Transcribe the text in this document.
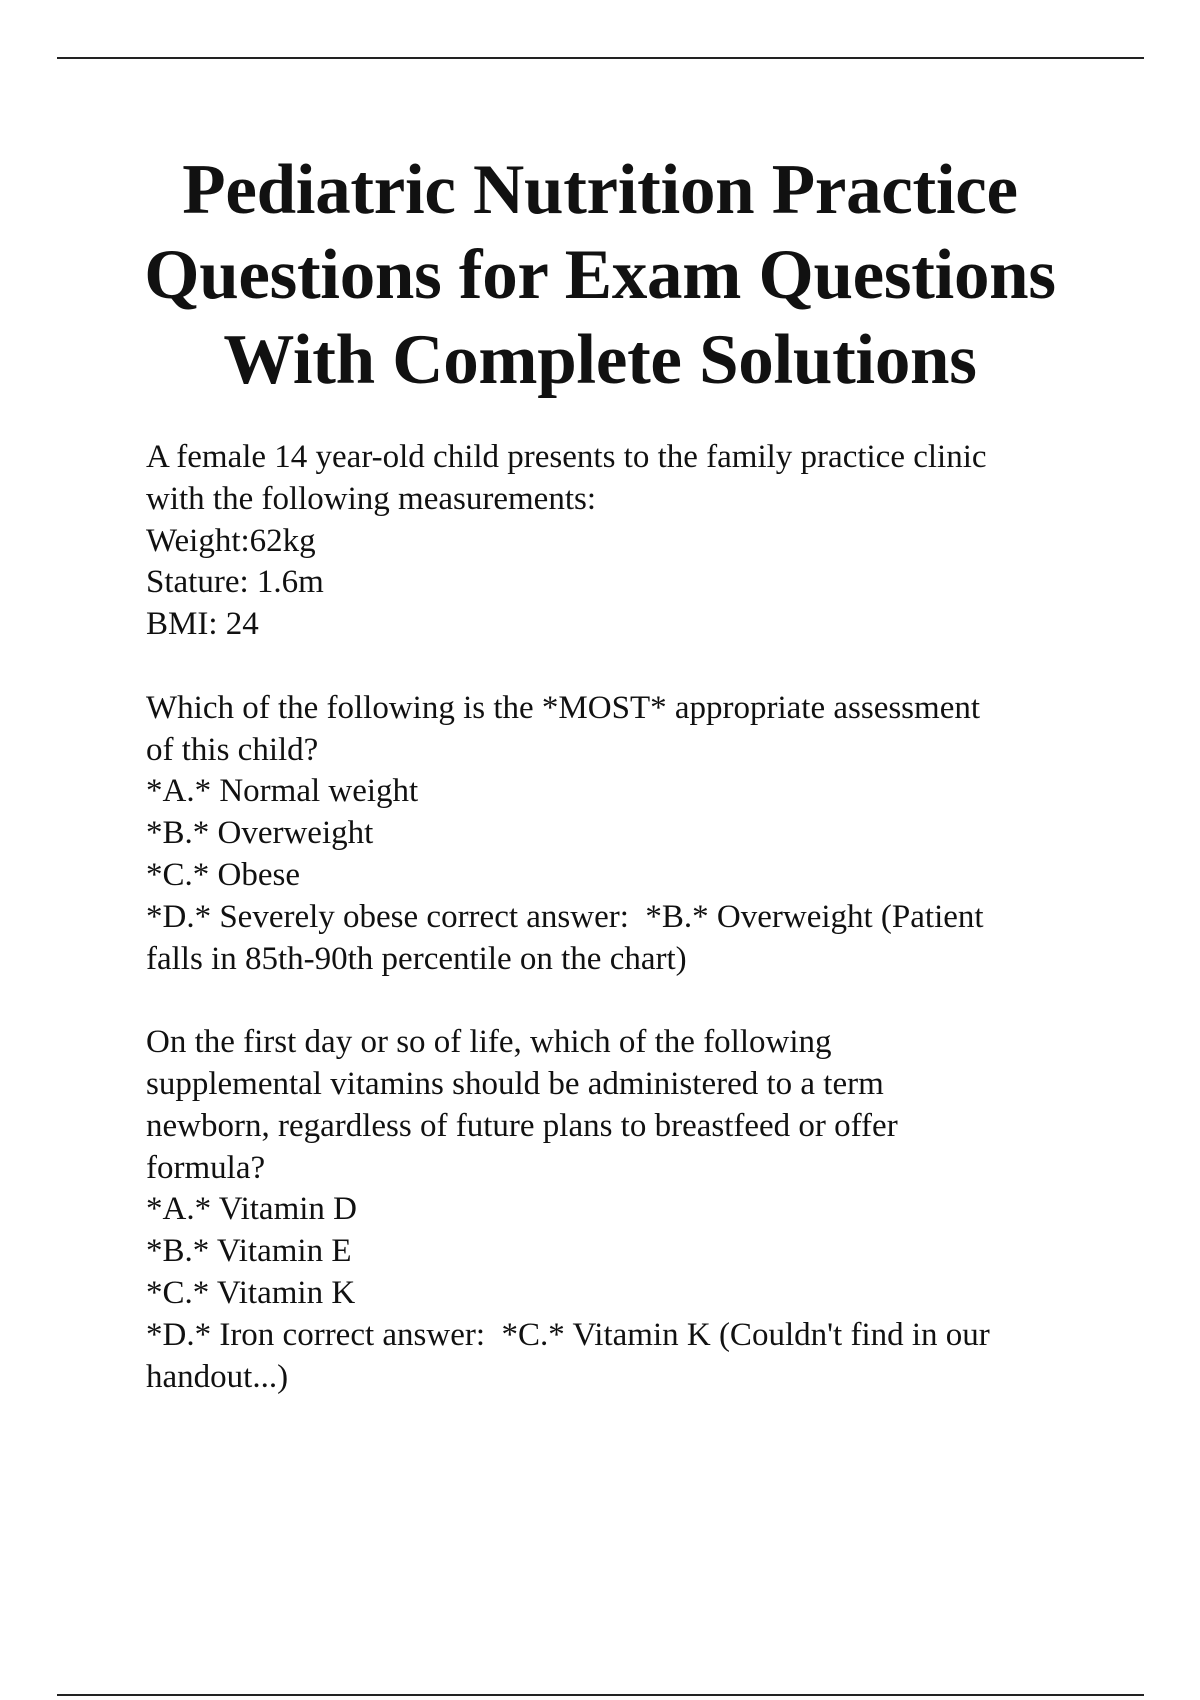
Pediatric Nutrition Practice
Questions for Exam Questions
With Complete Solutions
A female 14 year-old child presents to the family practice clinic
with the following measurements:
Weight:62kg
Stature: 1.6m
BMI: 24
Which of the following is the *MOST* appropriate assessment
of this child?
*A.* Normal weight
*B.* Overweight
*C.* Obese
*D.* Severely obese correct answer:  *B.* Overweight (Patient
falls in 85th-90th percentile on the chart)
On the first day or so of life, which of the following
supplemental vitamins should be administered to a term
newborn, regardless of future plans to breastfeed or offer
formula?
*A.* Vitamin D
*B.* Vitamin E
*C.* Vitamin K
*D.* Iron correct answer:  *C.* Vitamin K (Couldn't find in our
handout...)
